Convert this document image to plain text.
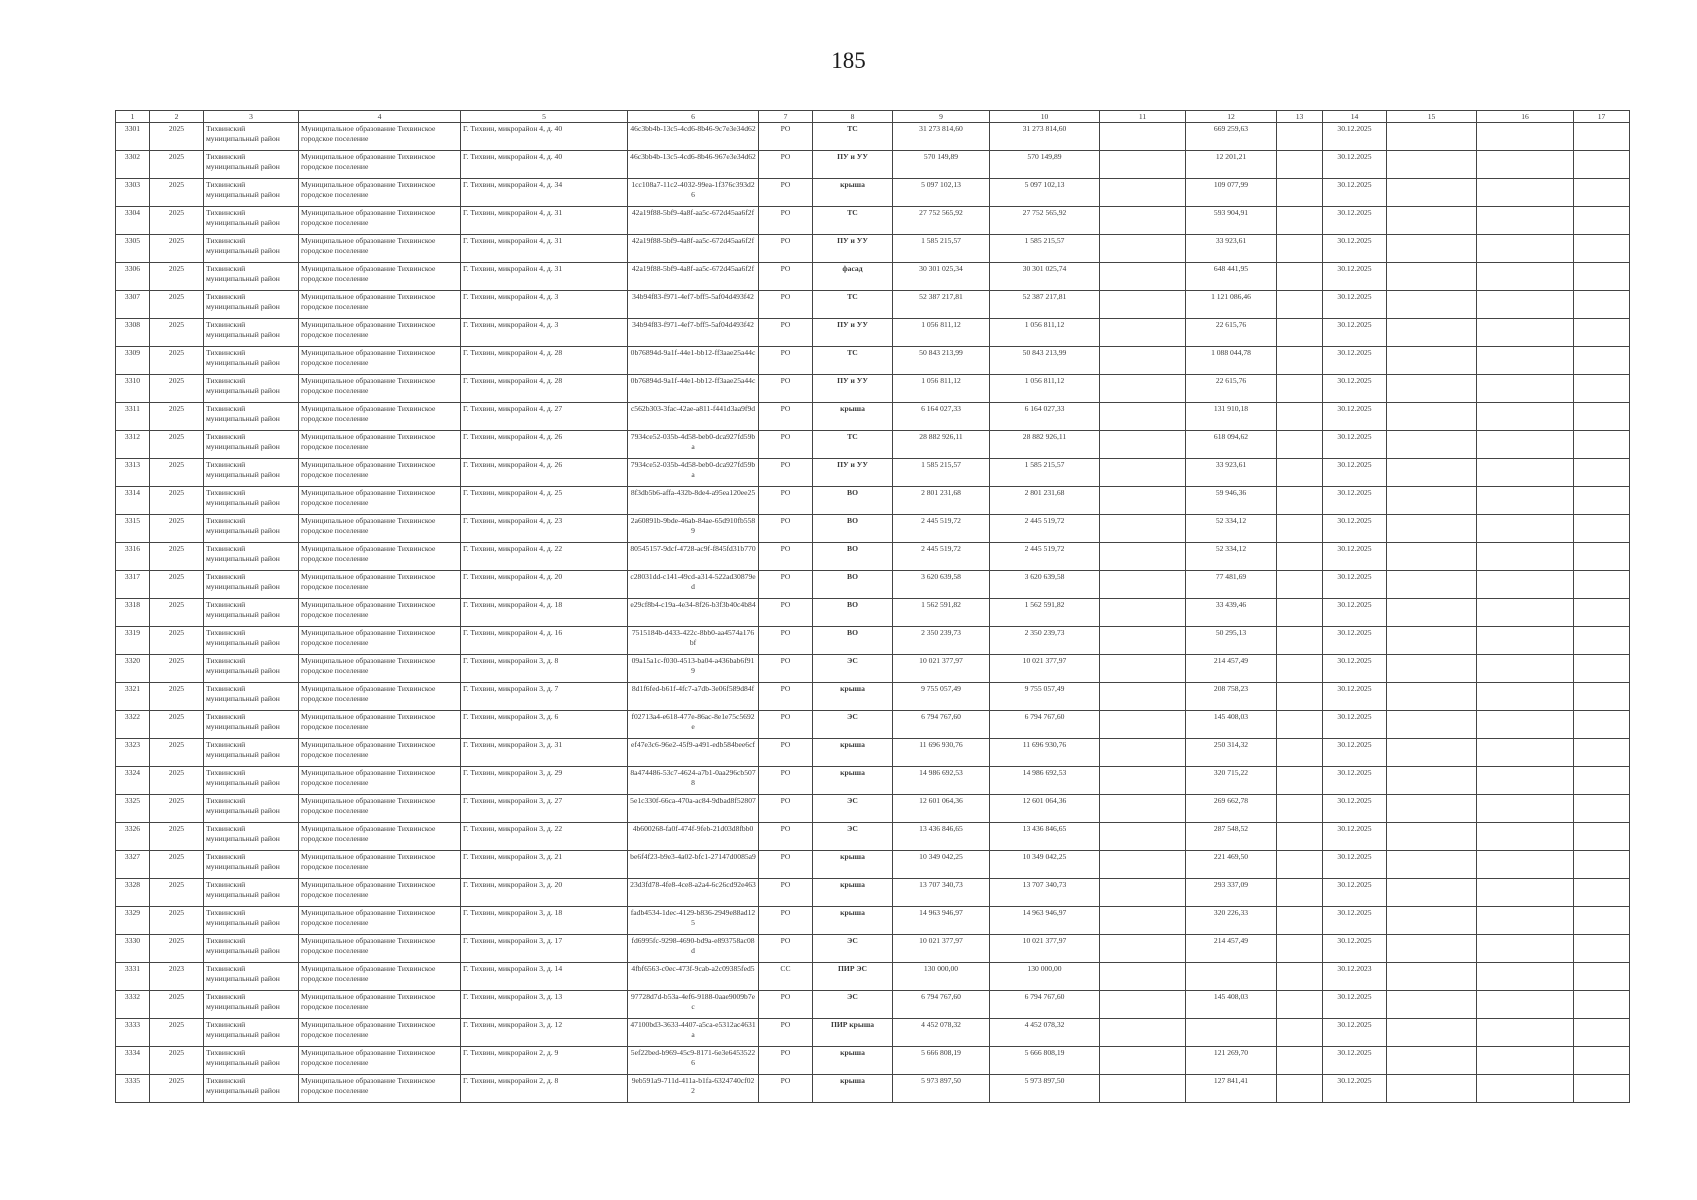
185
1	2	3	4	5	6	7	8	9	10	11	12	13	14	15	16	17
3301	2025	Тихвинский муниципальный район	Муниципальное образование Тихвинское городское поселение	Г. Тихвин, микрорайон 4, д. 40	46c3bb4b-13c5-4cd6-8b46-9c7e3e34d62	РО	ТС	31 273 814,60	31 273 814,60		669 259,63		30.12.2025			
3302	2025	Тихвинский муниципальный район	Муниципальное образование Тихвинское городское поселение	Г. Тихвин, микрорайон 4, д. 40	46c3bb4b-13c5-4cd6-8b46-967e3e34d62	РО	ПУ и УУ	570 149,89	570 149,89		12 201,21		30.12.2025			
3303	2025	Тихвинский муниципальный район	Муниципальное образование Тихвинское городское поселение	Г. Тихвин, микрорайон 4, д. 34	1cc108a7-11c2-4032-99ea-1f376c393d26	РО	крыша	5 097 102,13	5 097 102,13		109 077,99		30.12.2025			
3304	2025	Тихвинский муниципальный район	Муниципальное образование Тихвинское городское поселение	Г. Тихвин, микрорайон 4, д. 31	42a19f88-5bf9-4a8f-aa5c-672d45aa6f2f	РО	ТС	27 752 565,92	27 752 565,92		593 904,91		30.12.2025			
3305	2025	Тихвинский муниципальный район	Муниципальное образование Тихвинское городское поселение	Г. Тихвин, микрорайон 4, д. 31	42a19f88-5bf9-4a8f-aa5c-672d45aa6f2f	РО	ПУ и УУ	1 585 215,57	1 585 215,57		33 923,61		30.12.2025			
3306	2025	Тихвинский муниципальный район	Муниципальное образование Тихвинское городское поселение	Г. Тихвин, микрорайон 4, д. 31	42a19f88-5bf9-4a8f-aa5c-672d45aa6f2f	РО	фасад	30 301 025,34	30 301 025,74		648 441,95		30.12.2025			
3307	2025	Тихвинский муниципальный район	Муниципальное образование Тихвинское городское поселение	Г. Тихвин, микрорайон 4, д. 3	34b94f83-f971-4ef7-bff5-5af04d493f42	РО	ТС	52 387 217,81	52 387 217,81		1 121 086,46		30.12.2025			
3308	2025	Тихвинский муниципальный район	Муниципальное образование Тихвинское городское поселение	Г. Тихвин, микрорайон 4, д. 3	34b94f83-f971-4ef7-bff5-5af04d493f42	РО	ПУ и УУ	1 056 811,12	1 056 811,12		22 615,76		30.12.2025			
3309	2025	Тихвинский муниципальный район	Муниципальное образование Тихвинское городское поселение	Г. Тихвин, микрорайон 4, д. 28	0b76894d-9a1f-44e1-bb12-ff3aae25a44c	РО	ТС	50 843 213,99	50 843 213,99		1 088 044,78		30.12.2025			
3310	2025	Тихвинский муниципальный район	Муниципальное образование Тихвинское городское поселение	Г. Тихвин, микрорайон 4, д. 28	0b76894d-9a1f-44e1-bb12-ff3aae25a44c	РО	ПУ и УУ	1 056 811,12	1 056 811,12		22 615,76		30.12.2025			
3311	2025	Тихвинский муниципальный район	Муниципальное образование Тихвинское городское поселение	Г. Тихвин, микрорайон 4, д. 27	c562b303-3fac-42ae-a811-f441d3aa9f9d	РО	крыша	6 164 027,33	6 164 027,33		131 910,18		30.12.2025			
3312	2025	Тихвинский муниципальный район	Муниципальное образование Тихвинское городское поселение	Г. Тихвин, микрорайон 4, д. 26	7934ce52-035b-4d58-beb0-dca927fd59ba	РО	ТС	28 882 926,11	28 882 926,11		618 094,62		30.12.2025			
3313	2025	Тихвинский муниципальный район	Муниципальное образование Тихвинское городское поселение	Г. Тихвин, микрорайон 4, д. 26	7934ce52-035b-4d58-beb0-dca927fd59ba	РО	ПУ и УУ	1 585 215,57	1 585 215,57		33 923,61		30.12.2025			
3314	2025	Тихвинский муниципальный район	Муниципальное образование Тихвинское городское поселение	Г. Тихвин, микрорайон 4, д. 25	8f3db5b6-affa-432b-8de4-a95ea120ee25	РО	ВО	2 801 231,68	2 801 231,68		59 946,36		30.12.2025			
3315	2025	Тихвинский муниципальный район	Муниципальное образование Тихвинское городское поселение	Г. Тихвин, микрорайон 4, д. 23	2a60891b-9bde-46ab-84ae-65d910fb5589	РО	ВО	2 445 519,72	2 445 519,72		52 334,12		30.12.2025			
3316	2025	Тихвинский муниципальный район	Муниципальное образование Тихвинское городское поселение	Г. Тихвин, микрорайон 4, д. 22	80545157-9dcf-4728-ac9f-f845fd31b770	РО	ВО	2 445 519,72	2 445 519,72		52 334,12		30.12.2025			
3317	2025	Тихвинский муниципальный район	Муниципальное образование Тихвинское городское поселение	Г. Тихвин, микрорайон 4, д. 20	c28031dd-c141-49cd-a314-522ad30879ed	РО	ВО	3 620 639,58	3 620 639,58		77 481,69		30.12.2025			
3318	2025	Тихвинский муниципальный район	Муниципальное образование Тихвинское городское поселение	Г. Тихвин, микрорайон 4, д. 18	e29cf8b4-c19a-4e34-8f26-b3f3b40c4b84	РО	ВО	1 562 591,82	1 562 591,82		33 439,46		30.12.2025			
3319	2025	Тихвинский муниципальный район	Муниципальное образование Тихвинское городское поселение	Г. Тихвин, микрорайон 4, д. 16	7515184b-d433-422c-8bb0-aa4574a176bf	РО	ВО	2 350 239,73	2 350 239,73		50 295,13		30.12.2025			
3320	2025	Тихвинский муниципальный район	Муниципальное образование Тихвинское городское поселение	Г. Тихвин, микрорайон 3, д. 8	09a15a1c-f030-4513-ba04-a436bab6f919	РО	ЭС	10 021 377,97	10 021 377,97		214 457,49		30.12.2025			
3321	2025	Тихвинский муниципальный район	Муниципальное образование Тихвинское городское поселение	Г. Тихвин, микрорайон 3, д. 7	8d1f6fed-b61f-4fc7-a7db-3e06f589d84f	РО	крыша	9 755 057,49	9 755 057,49		208 758,23		30.12.2025			
3322	2025	Тихвинский муниципальный район	Муниципальное образование Тихвинское городское поселение	Г. Тихвин, микрорайон 3, д. 6	f02713a4-e618-477e-86ac-8e1e75c5692e	РО	ЭС	6 794 767,60	6 794 767,60		145 408,03		30.12.2025			
3323	2025	Тихвинский муниципальный район	Муниципальное образование Тихвинское городское поселение	Г. Тихвин, микрорайон 3, д. 31	ef47e3c6-96e2-45f9-a491-edb584bee6cf	РО	крыша	11 696 930,76	11 696 930,76		250 314,32		30.12.2025			
3324	2025	Тихвинский муниципальный район	Муниципальное образование Тихвинское городское поселение	Г. Тихвин, микрорайон 3, д. 29	8a474486-53c7-4624-a7b1-0aa296cb5078	РО	крыша	14 986 692,53	14 986 692,53		320 715,22		30.12.2025			
3325	2025	Тихвинский муниципальный район	Муниципальное образование Тихвинское городское поселение	Г. Тихвин, микрорайон 3, д. 27	5e1c330f-66ca-470a-ac84-9dbad8f52807	РО	ЭС	12 601 064,36	12 601 064,36		269 662,78		30.12.2025			
3326	2025	Тихвинский муниципальный район	Муниципальное образование Тихвинское городское поселение	Г. Тихвин, микрорайон 3, д. 22	4b600268-fa0f-474f-9feb-21d03d8fbb0	РО	ЭС	13 436 846,65	13 436 846,65		287 548,52		30.12.2025			
3327	2025	Тихвинский муниципальный район	Муниципальное образование Тихвинское городское поселение	Г. Тихвин, микрорайон 3, д. 21	be6f4f23-b9e3-4a02-bfc1-27147d0085a9	РО	крыша	10 349 042,25	10 349 042,25		221 469,50		30.12.2025			
3328	2025	Тихвинский муниципальный район	Муниципальное образование Тихвинское городское поселение	Г. Тихвин, микрорайон 3, д. 20	23d3fd78-4fe8-4ce8-a2a4-6c26cd92e463	РО	крыша	13 707 340,73	13 707 340,73		293 337,09		30.12.2025			
3329	2025	Тихвинский муниципальный район	Муниципальное образование Тихвинское городское поселение	Г. Тихвин, микрорайон 3, д. 18	fadb4534-1dec-4129-b836-2949e88ad125	РО	крыша	14 963 946,97	14 963 946,97		320 226,33		30.12.2025			
3330	2025	Тихвинский муниципальный район	Муниципальное образование Тихвинское городское поселение	Г. Тихвин, микрорайон 3, д. 17	fd6995fc-9298-4690-bd9a-e893758ac08d	РО	ЭС	10 021 377,97	10 021 377,97		214 457,49		30.12.2025			
3331	2023	Тихвинский муниципальный район	Муниципальное образование Тихвинское городское поселение	Г. Тихвин, микрорайон 3, д. 14	4fbf6563-c0ec-473f-9cab-a2c09385fed5	СС	ПИР ЭС	130 000,00	130 000,00				30.12.2023			
3332	2025	Тихвинский муниципальный район	Муниципальное образование Тихвинское городское поселение	Г. Тихвин, микрорайон 3, д. 13	97728d7d-b53a-4ef6-9188-0aae9009b7ec	РО	ЭС	6 794 767,60	6 794 767,60		145 408,03		30.12.2025			
3333	2025	Тихвинский муниципальный район	Муниципальное образование Тихвинское городское поселение	Г. Тихвин, микрорайон 3, д. 12	47100bd3-3633-4407-a5ca-e5312ac4631a	РО	ПИР крыша	4 452 078,32	4 452 078,32				30.12.2025			
3334	2025	Тихвинский муниципальный район	Муниципальное образование Тихвинское городское поселение	Г. Тихвин, микрорайон 2, д. 9	5ef22bed-b969-45c9-8171-6e3e64535226	РО	крыша	5 666 808,19	5 666 808,19		121 269,70		30.12.2025			
3335	2025	Тихвинский муниципальный район	Муниципальное образование Тихвинское городское поселение	Г. Тихвин, микрорайон 2, д. 8	9eb591a9-711d-411a-b1fa-6324740cf022	РО	крыша	5 973 897,50	5 973 897,50		127 841,41		30.12.2025			
